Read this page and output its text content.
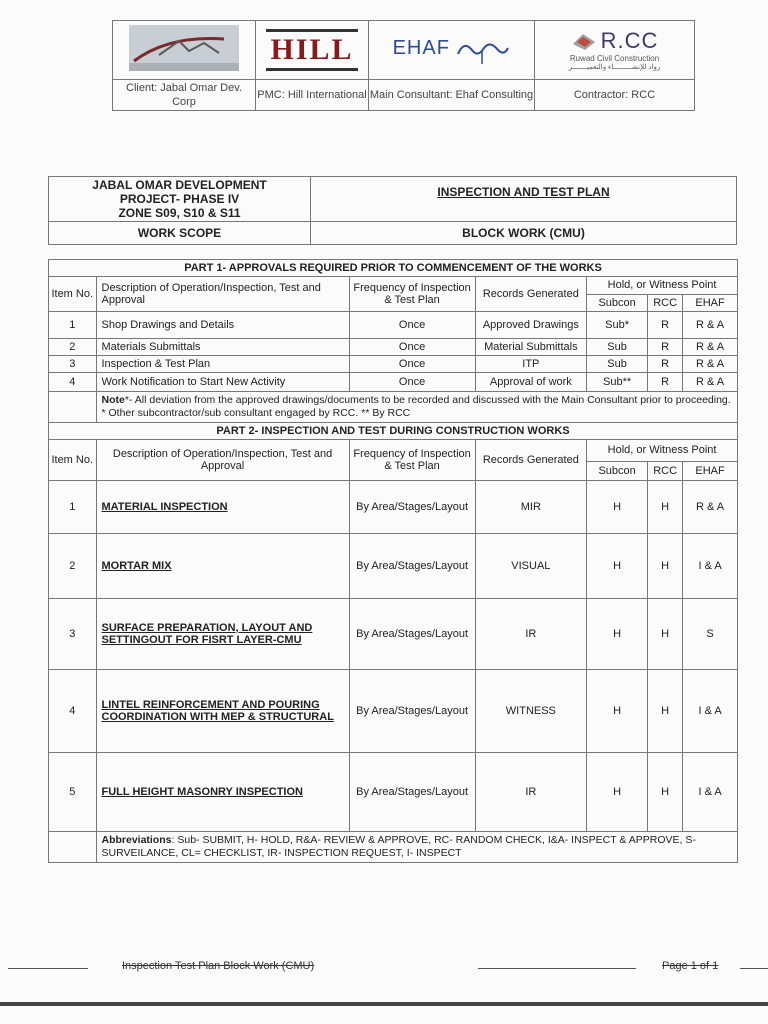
	HILL	EHAF	R.CC
Ruwad Civil Construction
رواد للإنشـــــــــاء والتعميـــــــر

Client: Jabal Omar Dev. Corp	PMC: Hill International	Main Consultant: Ehaf Consulting	Contractor: RCC
JABAL OMAR DEVELOPMENT
PROJECT- PHASE IV
ZONE S09, S10 & S11	INSPECTION AND TEST PLAN
WORK SCOPE	BLOCK WORK (CMU)
PART 1- APPROVALS REQUIRED PRIOR TO COMMENCEMENT OF THE WORKS						
Item No.	Description of Operation/Inspection, Test and Approval	Frequency of Inspection & Test Plan	Records Generated	Hold, or Witness Point		
				Subcon	RCC	EHAF
1	Shop Drawings and Details	Once	Approved Drawings	Sub*	R	R & A
2	Materials Submittals	Once	Material Submittals	Sub	R	R & A
3	Inspection & Test Plan	Once	ITP	Sub	R	R & A
4	Work Notification to Start New Activity	Once	Approval of work	Sub**	R	R & A
	Note*- All deviation from the approved drawings/documents to be recorded and discussed with the Main Consultant prior to proceeding. * Other subcontractor/sub consultant engaged by RCC. ** By RCC					
PART 2- INSPECTION AND TEST DURING CONSTRUCTION WORKS						
Item No.	Description of Operation/Inspection, Test and Approval	Frequency of Inspection & Test Plan	Records Generated	Hold, or Witness Point		
				Subcon	RCC	EHAF
1	MATERIAL INSPECTION	By Area/Stages/Layout	MIR	H	H	R & A
2	MORTAR MIX	By Area/Stages/Layout	VISUAL	H	H	I & A
3	SURFACE PREPARATION, LAYOUT AND SETTINGOUT FOR FISRT LAYER-CMU	By Area/Stages/Layout	IR	H	H	S
4	LINTEL REINFORCEMENT AND POURING COORDINATION WITH MEP & STRUCTURAL	By Area/Stages/Layout	WITNESS	H	H	I & A
5	FULL HEIGHT MASONRY INSPECTION	By Area/Stages/Layout	IR	H	H	I & A
	Abbreviations: Sub- SUBMIT, H- HOLD, R&A- REVIEW & APPROVE, RC- RANDOM CHECK, I&A- INSPECT & APPROVE, S- SURVEILANCE, CL= CHECKLIST, IR- INSPECTION REQUEST, I- INSPECT					
Inspection Test Plan Block Work (CMU)	Page 1 of 1
